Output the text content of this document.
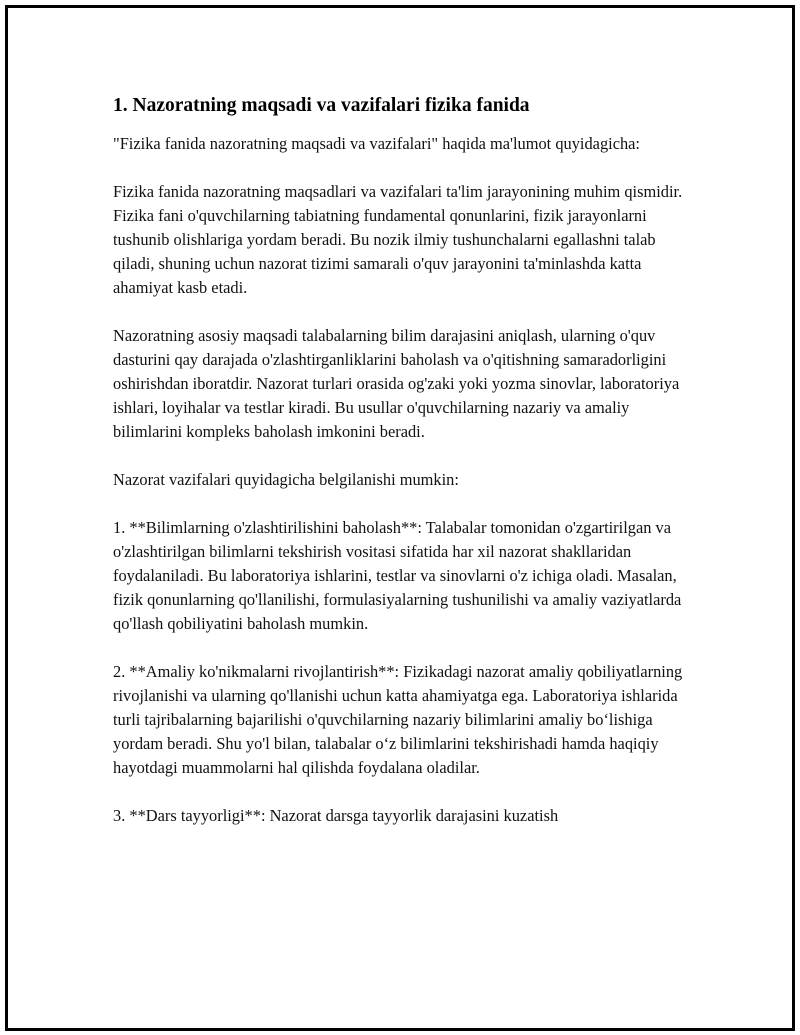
1. Nazoratning maqsadi va vazifalari fizika fanida

"Fizika fanida nazoratning maqsadi va vazifalari" haqida ma'lumot quyidagicha:

Fizika fanida nazoratning maqsadlari va vazifalari ta'lim jarayonining muhim qismidir. Fizika fani o'quvchilarning tabiatning fundamental qonunlarini, fizik jarayonlarni tushunib olishlariga yordam beradi. Bu nozik ilmiy tushunchalarni egallashni talab qiladi, shuning uchun nazorat tizimi samarali o'quv jarayonini ta'minlashda katta ahamiyat kasb etadi.

Nazoratning asosiy maqsadi talabalarning bilim darajasini aniqlash, ularning o'quv dasturini qay darajada o'zlashtirganliklarini baholash va o'qitishning samaradorligini oshirishdan iboratdir. Nazorat turlari orasida og'zaki yoki yozma sinovlar, laboratoriya ishlari, loyihalar va testlar kiradi. Bu usullar o'quvchilarning nazariy va amaliy bilimlarini kompleks baholash imkonini beradi.

Nazorat vazifalari quyidagicha belgilanishi mumkin:

1. **Bilimlarning o'zlashtirilishini baholash**: Talabalar tomonidan o'zgartirilgan va o'zlashtirilgan bilimlarni tekshirish vositasi sifatida har xil nazorat shakllaridan foydalaniladi. Bu laboratoriya ishlarini, testlar va sinovlarni o'z ichiga oladi. Masalan, fizik qonunlarning qo'llanilishi, formulasiyalarning tushunilishi va amaliy vaziyatlarda qo'llash qobiliyatini baholash mumkin.

2. **Amaliy ko'nikmalarni rivojlantirish**: Fizikadagi nazorat amaliy qobiliyatlarning rivojlanishi va ularning qo'llanishi uchun katta ahamiyatga ega. Laboratoriya ishlarida turli tajribalarning bajarilishi o'quvchilarning nazariy bilimlarini amaliy bo‘lishiga yordam beradi. Shu yo'l bilan, talabalar o‘z bilimlarini tekshirishadi hamda haqiqiy hayotdagi muammolarni hal qilishda foydalana oladilar.

3. **Dars tayyorligi**: Nazorat darsga tayyorlik darajasini kuzatish
